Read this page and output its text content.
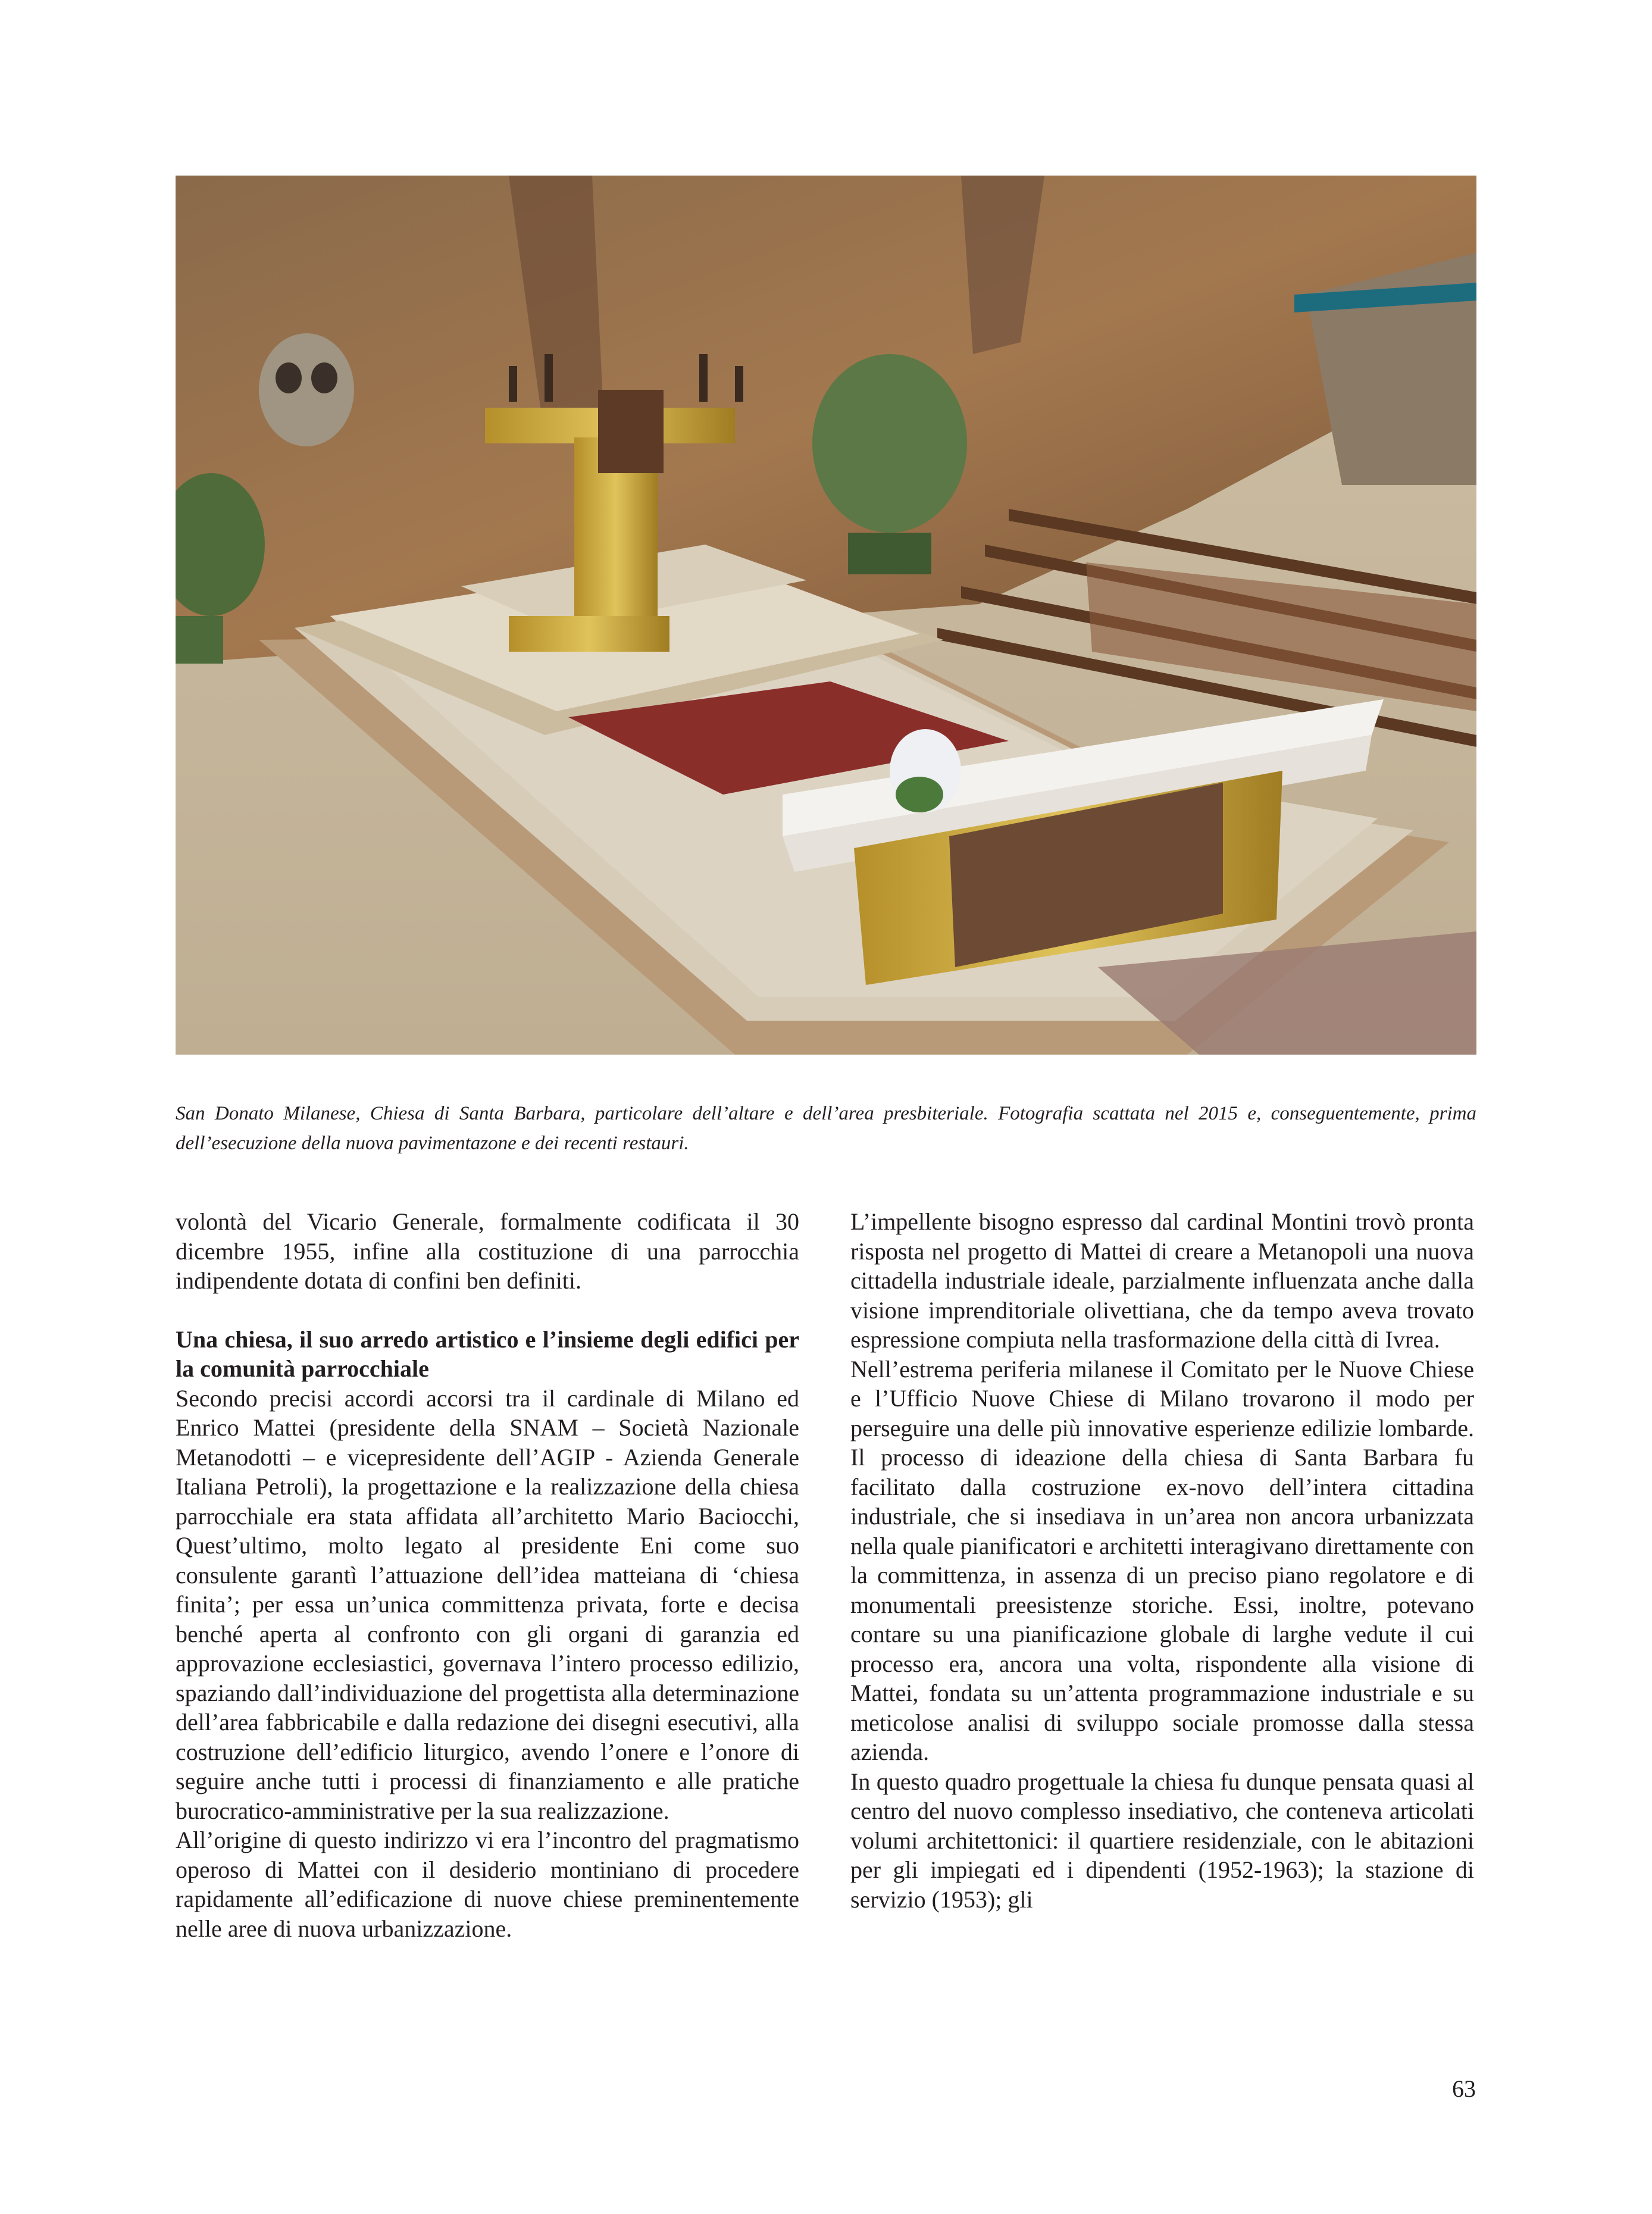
San Donato Milanese, Chiesa di Santa Barbara, particolare dell’altare e dell’area presbiteriale. Fotografia scattata nel 2015 e, conseguentemente, prima dell’esecuzione della nuova pavimentazone e dei recenti restauri.

volontà del Vicario Generale, formalmente codificata il 30 dicembre 1955, infine alla costituzione di una parrocchia indipendente dotata di confini ben definiti.

Una chiesa, il suo arredo artistico e l’insieme degli edifici per la comunità parrocchiale

Secondo precisi accordi accorsi tra il cardinale di Milano ed Enrico Mattei (presidente della SNAM – Società Nazionale Metanodotti – e vicepresidente dell’AGIP - Azienda Generale Italiana Petroli), la progettazione e la realizzazione della chiesa parrocchiale era stata affidata all’architetto Mario Baciocchi, Quest’ultimo, molto legato al presidente Eni come suo consulente garantì l’attuazione dell’idea matteiana di ‘chiesa finita’; per essa un’unica committenza privata, forte e decisa benché aperta al confronto con gli organi di garanzia ed approvazione ecclesiastici, governava l’intero processo edilizio, spaziando dall’individuazione del progettista alla determinazione dell’area fabbricabile e dalla redazione dei disegni esecutivi, alla costruzione dell’edificio liturgico, avendo l’onere e l’onore di seguire anche tutti i processi di finanziamento e alle pratiche burocratico-amministrative per la sua realizzazione.

All’origine di questo indirizzo vi era l’incontro del pragmatismo operoso di Mattei con il desiderio montiniano di procedere rapidamente all’edificazione di nuove chiese preminentemente nelle aree di nuova urbanizzazione.

L’impellente bisogno espresso dal cardinal Montini trovò pronta risposta nel progetto di Mattei di creare a Metanopoli una nuova cittadella industriale ideale, parzialmente influenzata anche dalla visione imprenditoriale olivettiana, che da tempo aveva trovato espressione compiuta nella trasformazione della città di Ivrea.

Nell’estrema periferia milanese il Comitato per le Nuove Chiese e l’Ufficio Nuove Chiese di Milano trovarono il modo per perseguire una delle più innovative esperienze edilizie lombarde. Il processo di ideazione della chiesa di Santa Barbara fu facilitato dalla costruzione ex-novo dell’intera cittadina industriale, che si insediava in un’area non ancora urbanizzata nella quale pianificatori e architetti interagivano direttamente con la committenza, in assenza di un preciso piano regolatore e di monumentali preesistenze storiche. Essi, inoltre, potevano contare su una pianificazione globale di larghe vedute il cui processo era, ancora una volta, rispondente alla visione di Mattei, fondata su un’attenta programmazione industriale e su meticolose analisi di sviluppo sociale promosse dalla stessa azienda.

In questo quadro progettuale la chiesa fu dunque pensata quasi al centro del nuovo complesso insediativo, che conteneva articolati volumi architettonici: il quartiere residenziale, con le abitazioni per gli impiegati ed i dipendenti (1952-1963); la stazione di servizio (1953); gli

63
